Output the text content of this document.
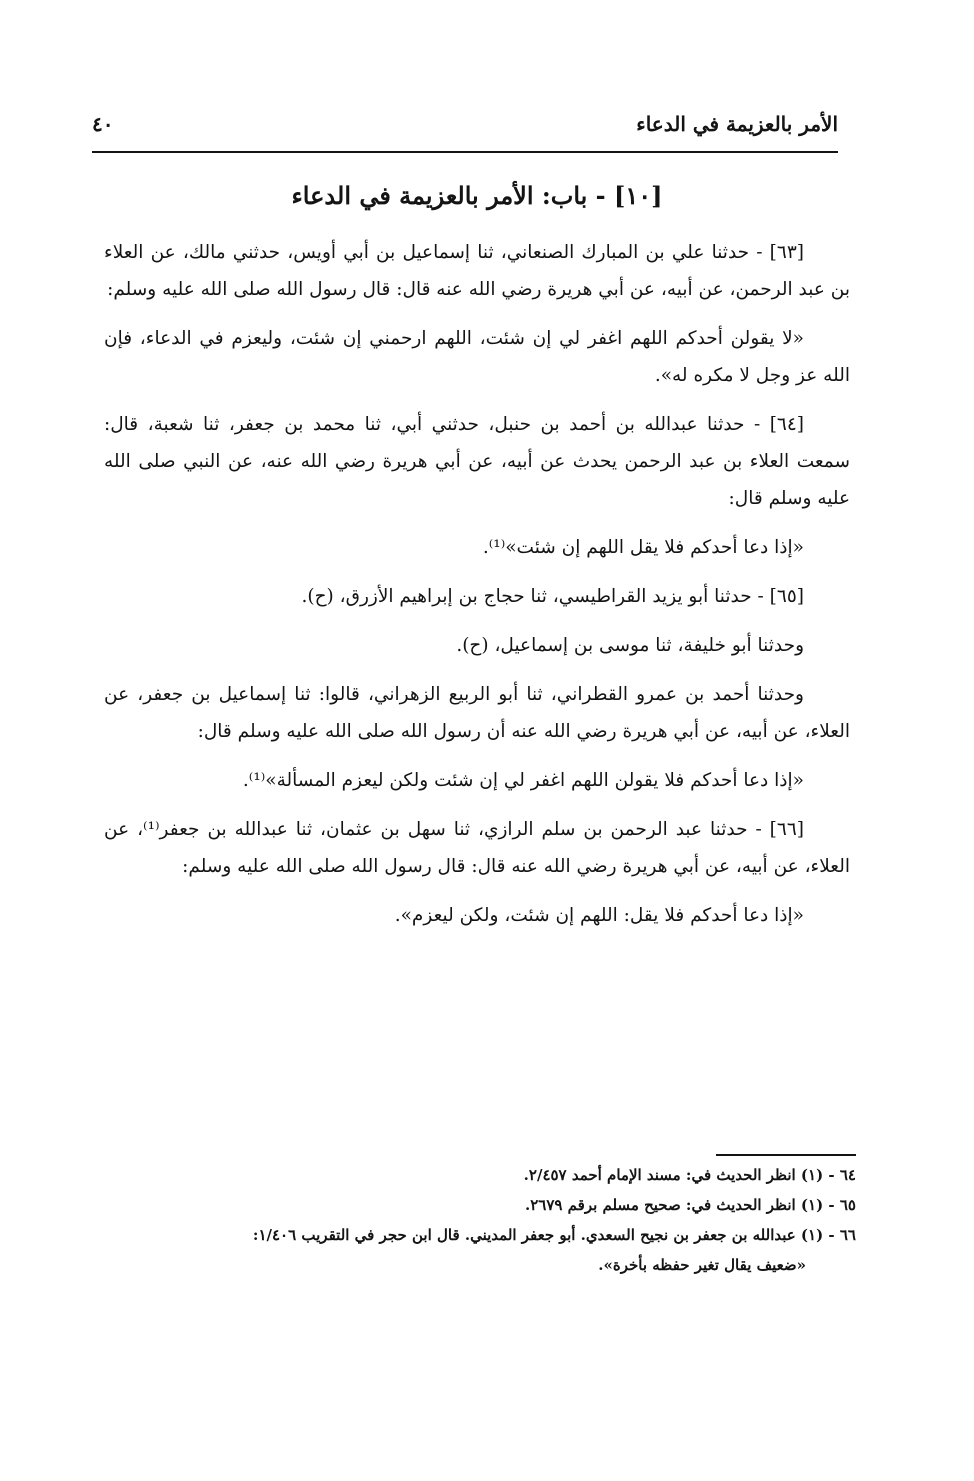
الأمر بالعزيمة في الدعاء
٤٠
[١٠] - باب: الأمر بالعزيمة في الدعاء

[٦٣] - حدثنا علي بن المبارك الصنعاني، ثنا إسماعيل بن أبي أويس، حدثني مالك، عن العلاء بن عبد الرحمن، عن أبيه، عن أبي هريرة رضي الله عنه قال: قال رسول الله صلى الله عليه وسلم:

«لا يقولن أحدكم اللهم اغفر لي إن شئت، اللهم ارحمني إن شئت، وليعزم في الدعاء، فإن الله عز وجل لا مكره له».

[٦٤] - حدثنا عبدالله بن أحمد بن حنبل، حدثني أبي، ثنا محمد بن جعفر، ثنا شعبة، قال: سمعت العلاء بن عبد الرحمن يحدث عن أبيه، عن أبي هريرة رضي الله عنه، عن النبي صلى الله عليه وسلم قال:

«إذا دعا أحدكم فلا يقل اللهم إن شئت»⁽¹⁾.

[٦٥] - حدثنا أبو يزيد القراطيسي، ثنا حجاج بن إبراهيم الأزرق، (ح).

وحدثنا أبو خليفة، ثنا موسى بن إسماعيل، (ح).

وحدثنا أحمد بن عمرو القطراني، ثنا أبو الربيع الزهراني، قالوا: ثنا إسماعيل بن جعفر، عن العلاء، عن أبيه، عن أبي هريرة رضي الله عنه أن رسول الله صلى الله عليه وسلم قال:

«إذا دعا أحدكم فلا يقولن اللهم اغفر لي إن شئت ولكن ليعزم المسألة»⁽¹⁾.

[٦٦] - حدثنا عبد الرحمن بن سلم الرازي، ثنا سهل بن عثمان، ثنا عبدالله بن جعفر⁽¹⁾، عن العلاء، عن أبيه، عن أبي هريرة رضي الله عنه قال: قال رسول الله صلى الله عليه وسلم:

«إذا دعا أحدكم فلا يقل: اللهم إن شئت، ولكن ليعزم».

٦٤ - (١) انظر الحديث في: مسند الإمام أحمد ٢/٤٥٧.

٦٥ - (١) انظر الحديث في: صحيح مسلم برقم ٢٦٧٩.

٦٦ - (١) عبدالله بن جعفر بن نجيح السعدي. أبو جعفر المديني. قال ابن حجر في التقريب ١/٤٠٦:

«ضعيف يقال تغير حفظه بأخرة».
